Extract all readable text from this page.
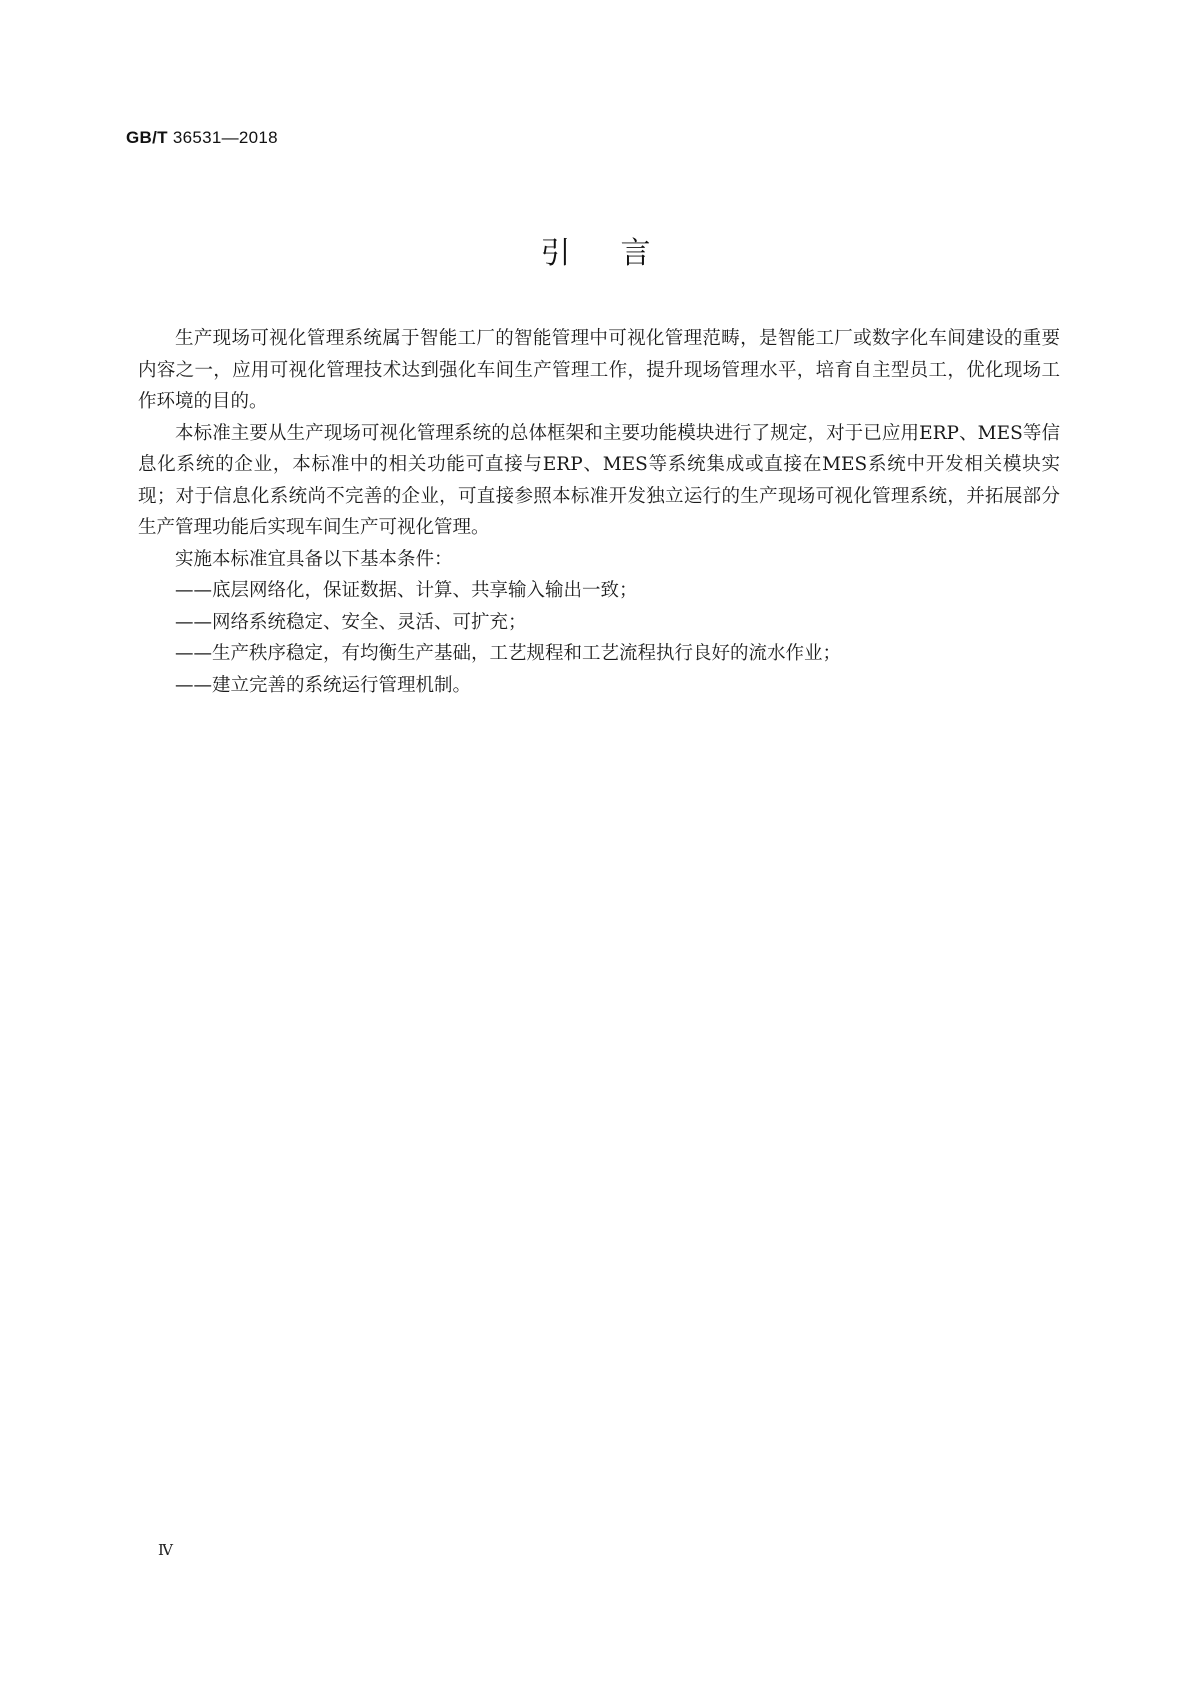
GB/T 36531—2018
引言

生产现场可视化管理系统属于智能工厂的智能管理中可视化管理范畴，是智能工厂或数字化车间建设的重要内容之一，应用可视化管理技术达到强化车间生产管理工作，提升现场管理水平，培育自主型员工，优化现场工作环境的目的。

本标准主要从生产现场可视化管理系统的总体框架和主要功能模块进行了规定，对于已应用ERP、MES等信息化系统的企业，本标准中的相关功能可直接与ERP、MES等系统集成或直接在MES系统中开发相关模块实现；对于信息化系统尚不完善的企业，可直接参照本标准开发独立运行的生产现场可视化管理系统，并拓展部分生产管理功能后实现车间生产可视化管理。

实施本标准宜具备以下基本条件：

——底层网络化，保证数据、计算、共享输入输出一致；
——网络系统稳定、安全、灵活、可扩充；
——生产秩序稳定，有均衡生产基础，工艺规程和工艺流程执行良好的流水作业；
——建立完善的系统运行管理机制。
Ⅳ
